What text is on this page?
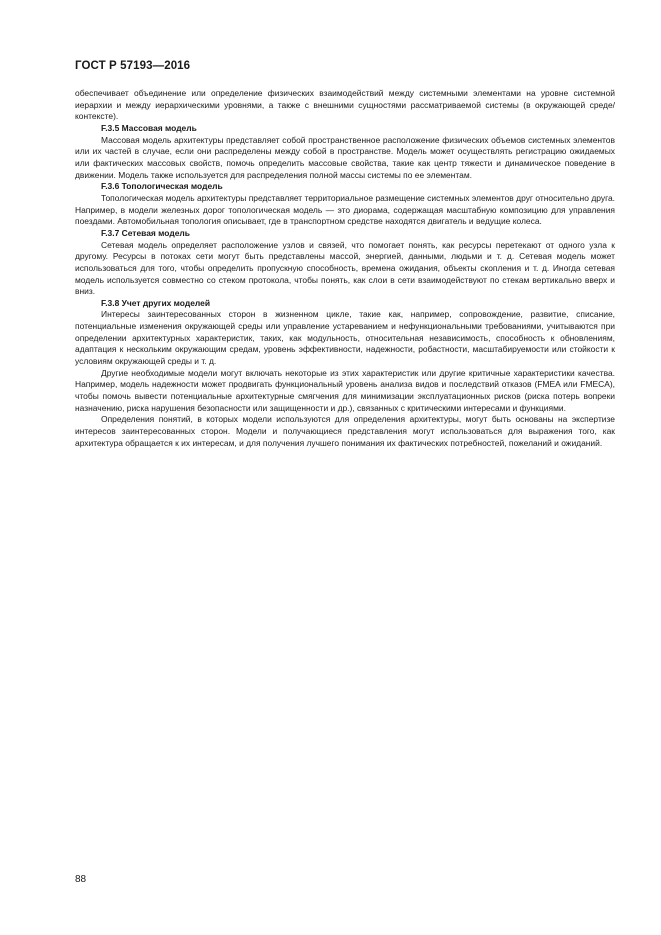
ГОСТ Р 57193—2016

обеспечивает объединение или определение физических взаимодействий между системными элементами на уровне системной иерархии и между иерархическими уровнями, а также с внешними сущностями рассматриваемой системы (в окружающей среде/контексте).

F.3.5 Массовая модель

Массовая модель архитектуры представляет собой пространственное расположение физических объемов системных элементов или их частей в случае, если они распределены между собой в пространстве. Модель может осуществлять регистрацию ожидаемых или фактических массовых свойств, помочь определить массовые свойства, такие как центр тяжести и динамическое поведение в движении. Модель также используется для распределения полной массы системы по ее элементам.

F.3.6 Топологическая модель

Топологическая модель архитектуры представляет территориальное размещение системных элементов друг относительно друга. Например, в модели железных дорог топологическая модель — это диорама, содержащая масштабную композицию для управления поездами. Автомобильная топология описывает, где в транспортном средстве находятся двигатель и ведущие колеса.

F.3.7 Сетевая модель

Сетевая модель определяет расположение узлов и связей, что помогает понять, как ресурсы перетекают от одного узла к другому. Ресурсы в потоках сети могут быть представлены массой, энергией, данными, людьми и т. д. Сетевая модель может использоваться для того, чтобы определить пропускную способность, времена ожидания, объекты скопления и т. д. Иногда сетевая модель используется совместно со стеком протокола, чтобы понять, как слои в сети взаимодействуют по стекам вертикально вверх и вниз.

F.3.8 Учет других моделей

Интересы заинтересованных сторон в жизненном цикле, такие как, например, сопровождение, развитие, списание, потенциальные изменения окружающей среды или управление устареванием и нефункциональными требованиями, учитываются при определении архитектурных характеристик, таких, как модульность, относительная независимость, способность к обновлениям, адаптация к нескольким окружающим средам, уровень эффективности, надежности, робастности, масштабируемости или стойкости к условиям окружающей среды и т. д.

Другие необходимые модели могут включать некоторые из этих характеристик или другие критичные характеристики качества. Например, модель надежности может продвигать функциональный уровень анализа видов и последствий отказов (FMEA или FMECA), чтобы помочь вывести потенциальные архитектурные смягчения для минимизации эксплуатационных рисков (риска потерь вопреки назначению, риска нарушения безопасности или защищенности и др.), связанных с критическими интересами и функциями.

Определения понятий, в которых модели используются для определения архитектуры, могут быть основаны на экспертизе интересов заинтересованных сторон. Модели и получающиеся представления могут использоваться для выражения того, как архитектура обращается к их интересам, и для получения лучшего понимания их фактических потребностей, пожеланий и ожиданий.

88
